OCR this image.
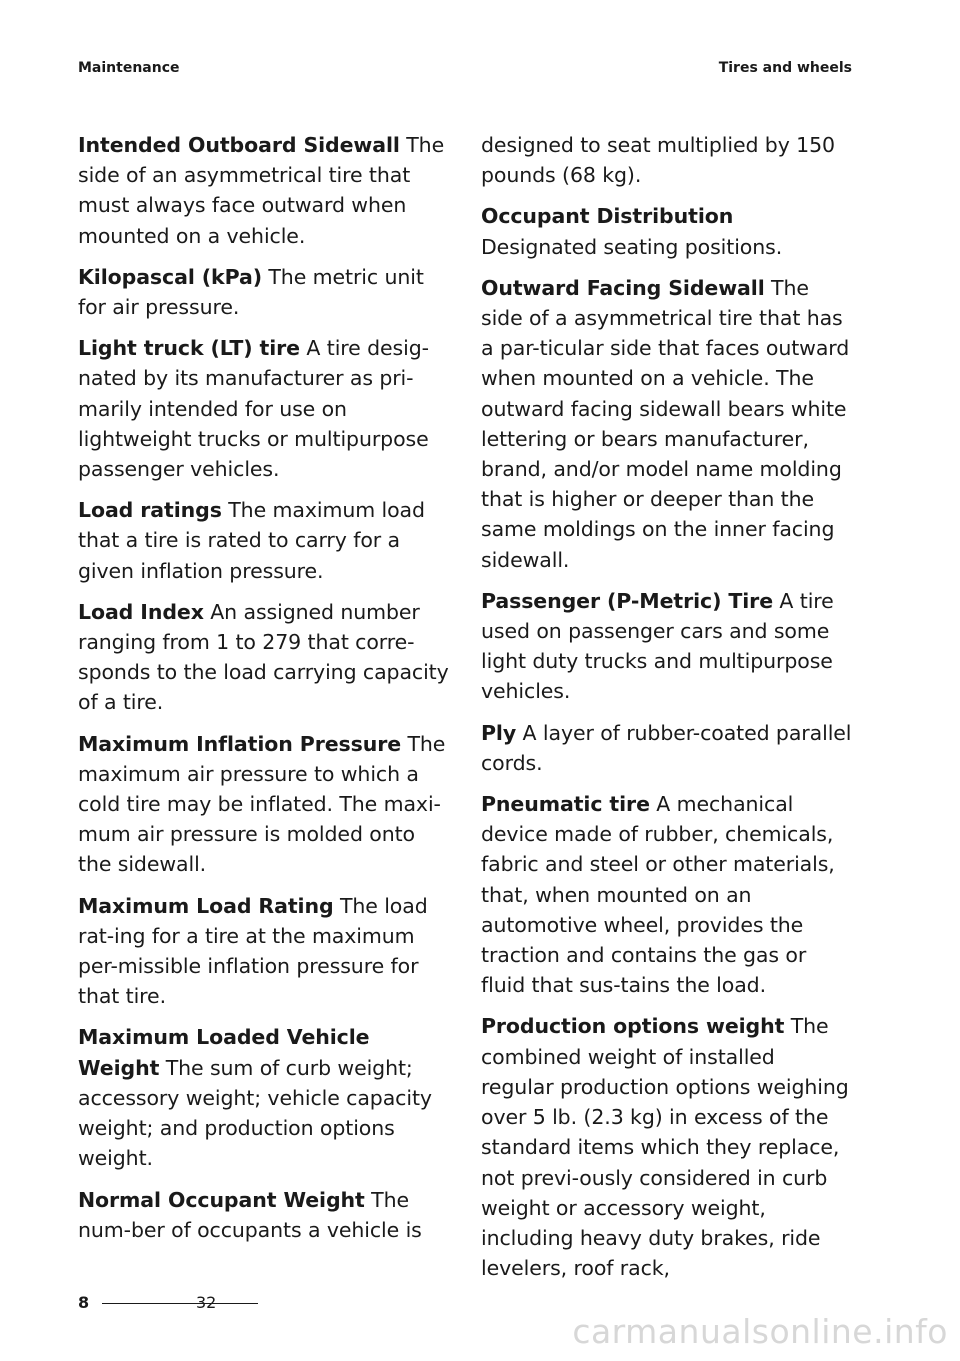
Maintenance	Tires and wheels

Intended Outboard Sidewall The side of an asymmetrical tire that must always face outward when mounted on a vehicle.

Kilopascal (kPa) The metric unit for air pressure.

Light truck (LT) tire A tire desig-nated by its manufacturer as pri-marily intended for use on lightweight trucks or multipurpose passenger vehicles.

Load ratings The maximum load that a tire is rated to carry for a given inflation pressure.

Load Index An assigned number ranging from 1 to 279 that corre-sponds to the load carrying capacity of a tire.

Maximum Inflation Pressure The maximum air pressure to which a cold tire may be inflated. The maxi-mum air pressure is molded onto the sidewall.

Maximum Load Rating The load rat-ing for a tire at the maximum per-missible inflation pressure for that tire.

Maximum Loaded Vehicle Weight The sum of curb weight; accessory weight; vehicle capacity weight; and production options weight.

Normal Occupant Weight The num-ber of occupants a vehicle is

designed to seat multiplied by 150 pounds (68 kg).

Occupant Distribution Designated seating positions.

Outward Facing Sidewall The side of a asymmetrical tire that has a par-ticular side that faces outward when mounted on a vehicle. The outward facing sidewall bears white lettering or bears manufacturer, brand, and/or model name molding that is higher or deeper than the same moldings on the inner facing sidewall.

Passenger (P-Metric) Tire A tire used on passenger cars and some light duty trucks and multipurpose vehicles.

Ply A layer of rubber-coated parallel cords.

Pneumatic tire A mechanical device made of rubber, chemicals, fabric and steel or other materials, that, when mounted on an automotive wheel, provides the traction and contains the gas or fluid that sus-tains the load.

Production options weight The combined weight of installed regular production options weighing over 5 lb. (2.3 kg) in excess of the standard items which they replace, not previ-ously considered in curb weight or accessory weight, including heavy duty brakes, ride levelers, roof rack,

8	32
carmanualsonline.info
